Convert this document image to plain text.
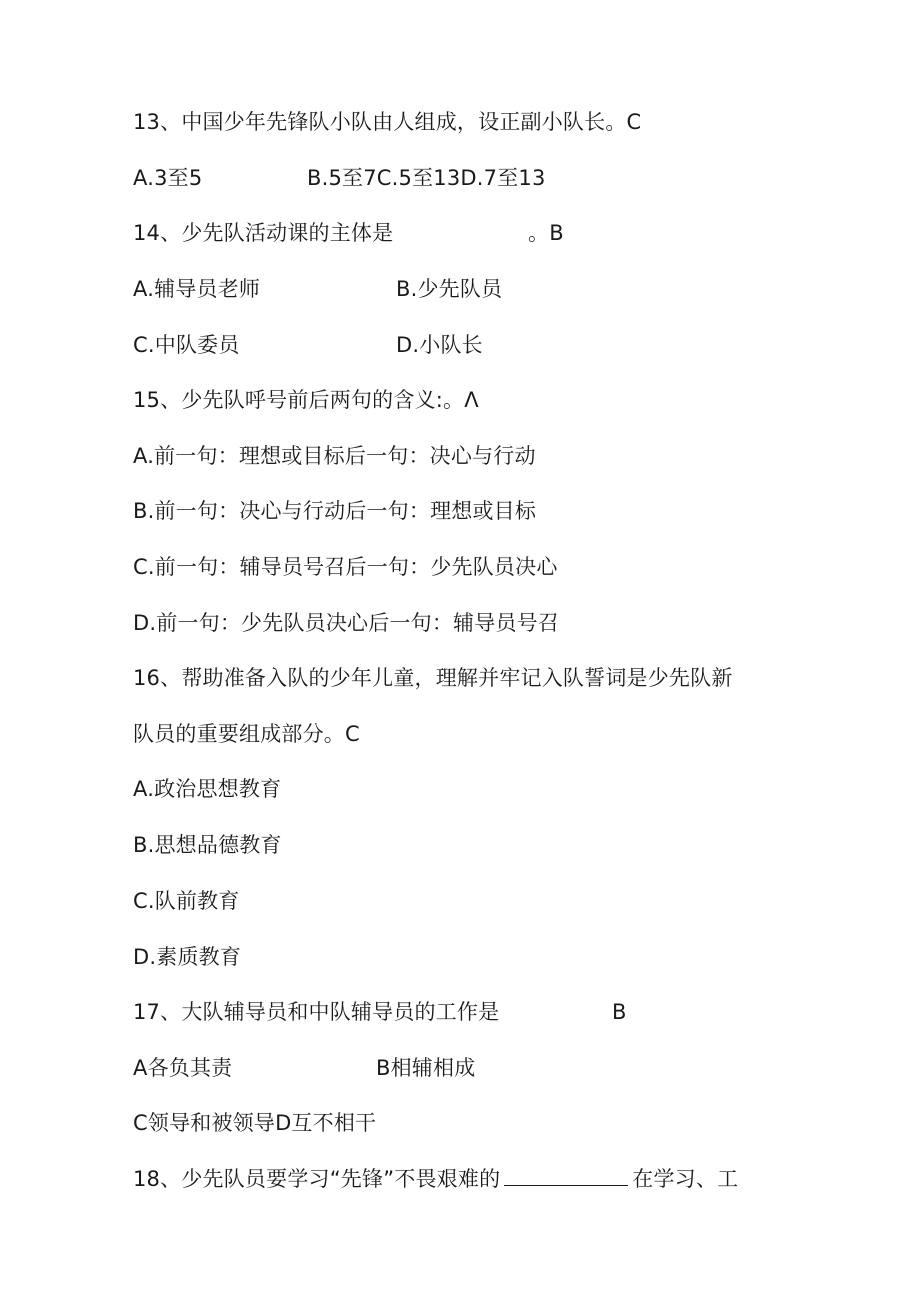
13、中国少年先锋队小队由人组成，设正副小队长。C
A.3至5	B.5至7C.5至13D.7至13
14、少先队活动课的主体是	。B
A.辅导员老师	B.少先队员
C.中队委员	D.小队长
15、少先队呼号前后两句的含义:。Λ
A.前一句：理想或目标后一句：决心与行动
B.前一句：决心与行动后一句：理想或目标
C.前一句：辅导员号召后一句：少先队员决心
D.前一句：少先队员决心后一句：辅导员号召
16、帮助准备入队的少年儿童，理解并牢记入队誓词是少先队新
队员的重要组成部分。C
A.政治思想教育
B.思想品德教育
C.队前教育
D.素质教育
17、大队辅导员和中队辅导员的工作是	B
A各负其责	B相辅相成
C领导和被领导D互不相干
18、少先队员要学习“先锋”不畏艰难的	在学习、工
